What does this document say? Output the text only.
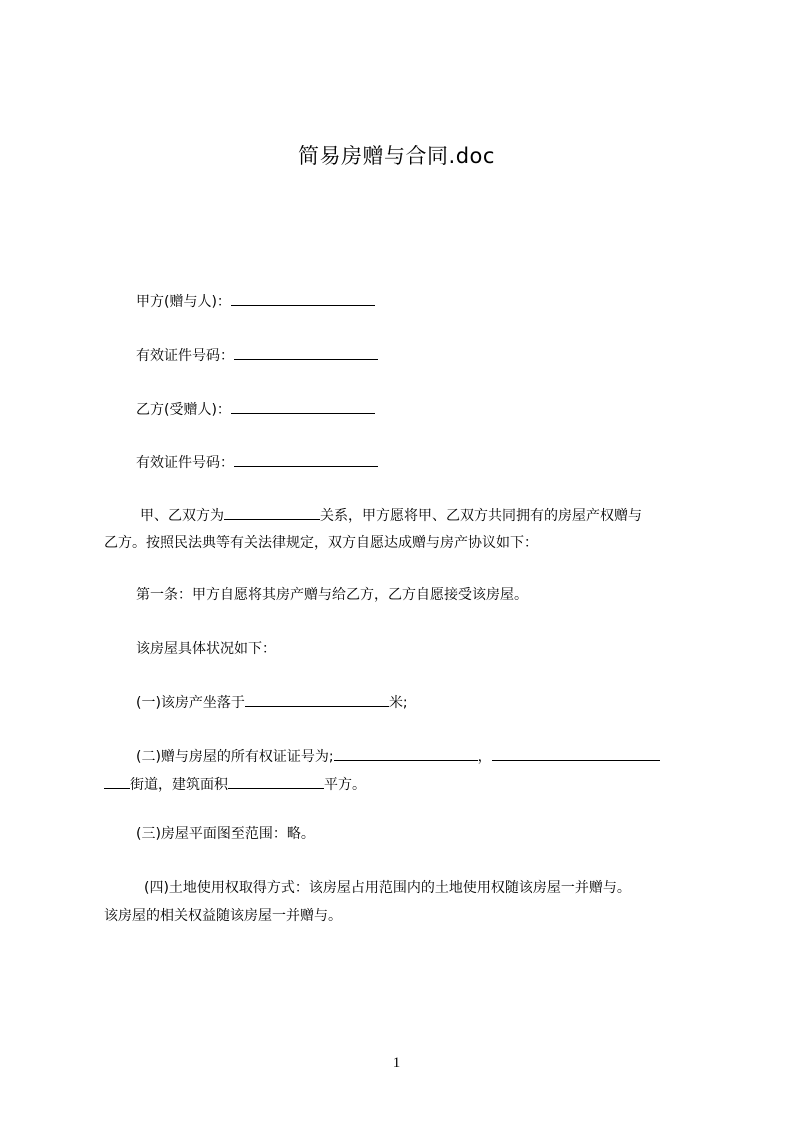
简易房赠与合同.doc
甲方(赠与人)：
有效证件号码：
乙方(受赠人)：
有效证件号码：
甲、乙双方为	关系，甲方愿将甲、乙双方共同拥有的房屋产权赠与
乙方。按照民法典等有关法律规定，双方自愿达成赠与房产协议如下：
第一条：甲方自愿将其房产赠与给乙方，乙方自愿接受该房屋。
该房屋具体状况如下：
(一)该房产坐落于	米;
(二)赠与房屋的所有权证证号为;	，
街道，建筑面积	平方。
(三)房屋平面图至范围：略。
(四)土地使用权取得方式：该房屋占用范围内的土地使用权随该房屋一并赠与。
该房屋的相关权益随该房屋一并赠与。
1
